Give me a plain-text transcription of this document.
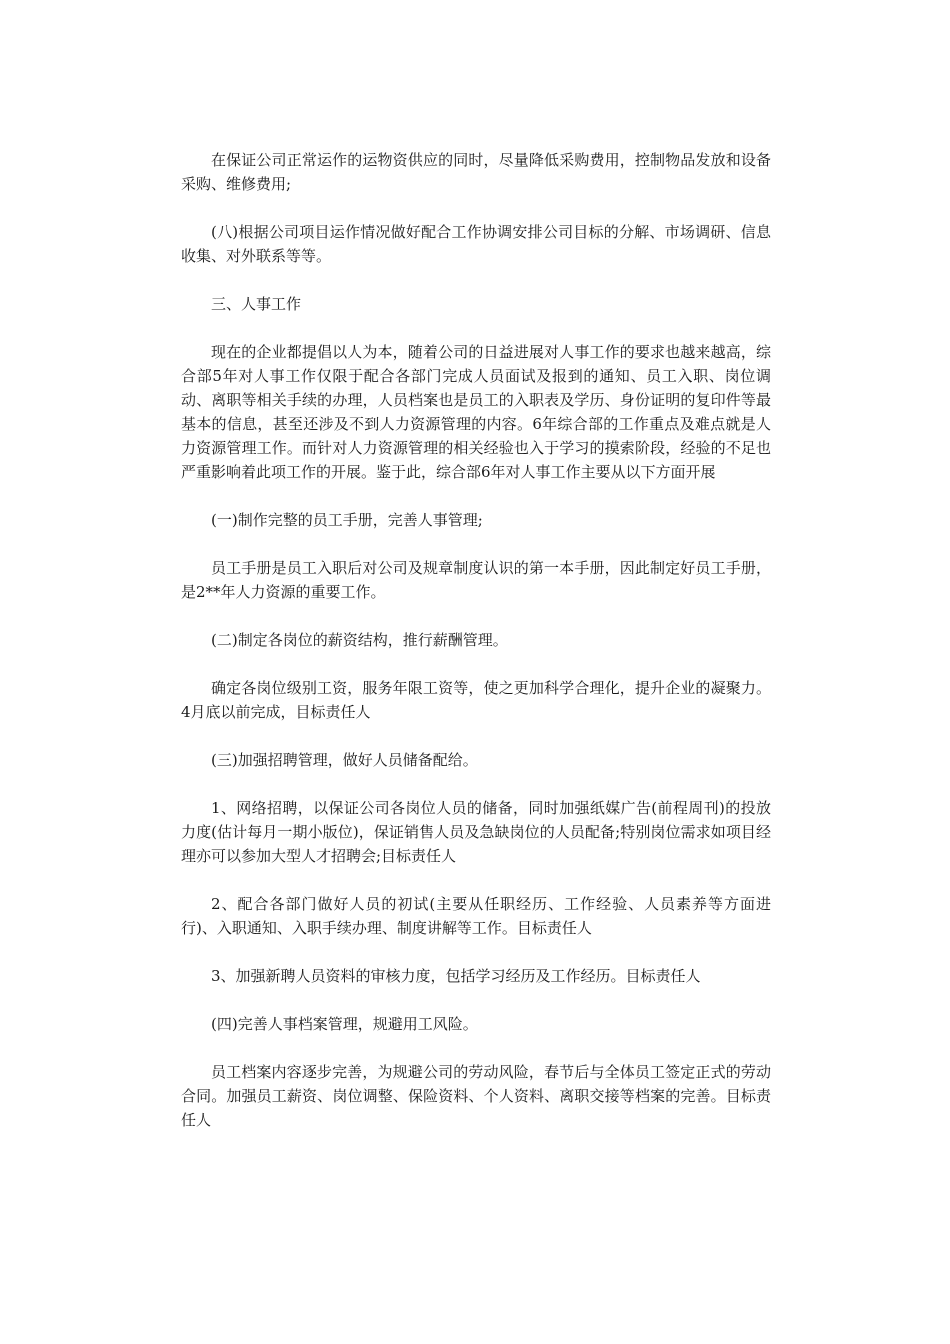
在保证公司正常运作的运物资供应的同时，尽量降低采购费用，控制物品发放和设备采购、维修费用;

(八)根据公司项目运作情况做好配合工作协调安排公司目标的分解、市场调研、信息收集、对外联系等等。

三、人事工作

现在的企业都提倡以人为本，随着公司的日益进展对人事工作的要求也越来越高，综合部5年对人事工作仅限于配合各部门完成人员面试及报到的通知、员工入职、岗位调动、离职等相关手续的办理，人员档案也是员工的入职表及学历、身份证明的复印件等最基本的信息，甚至还涉及不到人力资源管理的内容。6年综合部的工作重点及难点就是人力资源管理工作。而针对人力资源管理的相关经验也入于学习的摸索阶段，经验的不足也严重影响着此项工作的开展。鉴于此，综合部6年对人事工作主要从以下方面开展

(一)制作完整的员工手册，完善人事管理;

员工手册是员工入职后对公司及规章制度认识的第一本手册，因此制定好员工手册，是2**年人力资源的重要工作。

(二)制定各岗位的薪资结构，推行薪酬管理。

确定各岗位级别工资，服务年限工资等，使之更加科学合理化，提升企业的凝聚力。4月底以前完成，目标责任人

(三)加强招聘管理，做好人员储备配给。

1、网络招聘，以保证公司各岗位人员的储备，同时加强纸媒广告(前程周刊)的投放力度(估计每月一期小版位)，保证销售人员及急缺岗位的人员配备;特别岗位需求如项目经理亦可以参加大型人才招聘会;目标责任人

2、配合各部门做好人员的初试(主要从任职经历、工作经验、人员素养等方面进行)、入职通知、入职手续办理、制度讲解等工作。目标责任人

3、加强新聘人员资料的审核力度，包括学习经历及工作经历。目标责任人

(四)完善人事档案管理，规避用工风险。

员工档案内容逐步完善，为规避公司的劳动风险，春节后与全体员工签定正式的劳动合同。加强员工薪资、岗位调整、保险资料、个人资料、离职交接等档案的完善。目标责任人
